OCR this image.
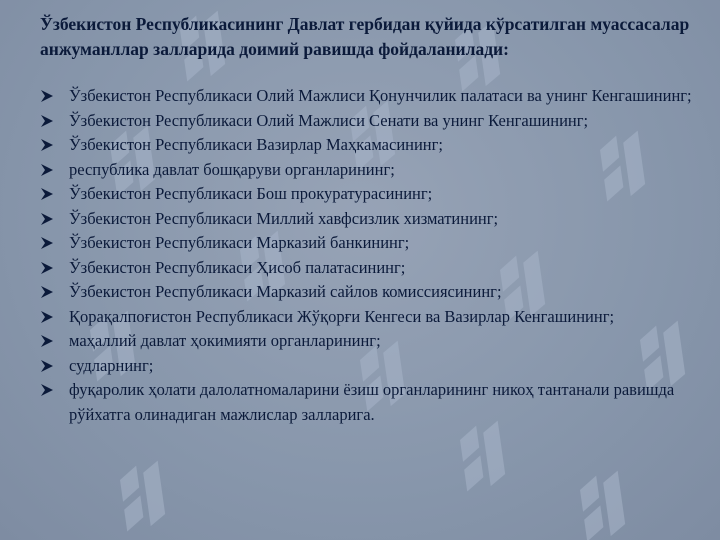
Ўзбекистон Республикасининг Давлат гербидан қуйида кўрсатилган муассасалар анжуманллар залларида доимий равишда фойдаланилади:
Ўзбекистон Республикаси Олий Мажлиси Қонунчилик палатаси ва унинг Кенгашининг;
Ўзбекистон Республикаси Олий Мажлиси Сенати ва унинг Кенгашининг;
Ўзбекистон Республикаси Вазирлар Маҳкамасининг;
республика давлат бошқаруви органларининг;
Ўзбекистон Республикаси Бош прокуратурасининг;
Ўзбекистон Республикаси Миллий хавфсизлик хизматининг;
Ўзбекистон Республикаси Марказий банкининг;
Ўзбекистон Республикаси Ҳисоб палатасининг;
Ўзбекистон Республикаси Марказий сайлов комиссиясининг;
Қорақалпоғистон Республикаси Жўқорғи Кенгеси ва Вазирлар Кенгашининг;
маҳаллий давлат ҳокимияти органларининг;
судларнинг;
фуқаролик ҳолати далолатномаларини ёзиш органларининг никоҳ тантанали равишда рўйхатга олинадиган мажлислар залларига.
